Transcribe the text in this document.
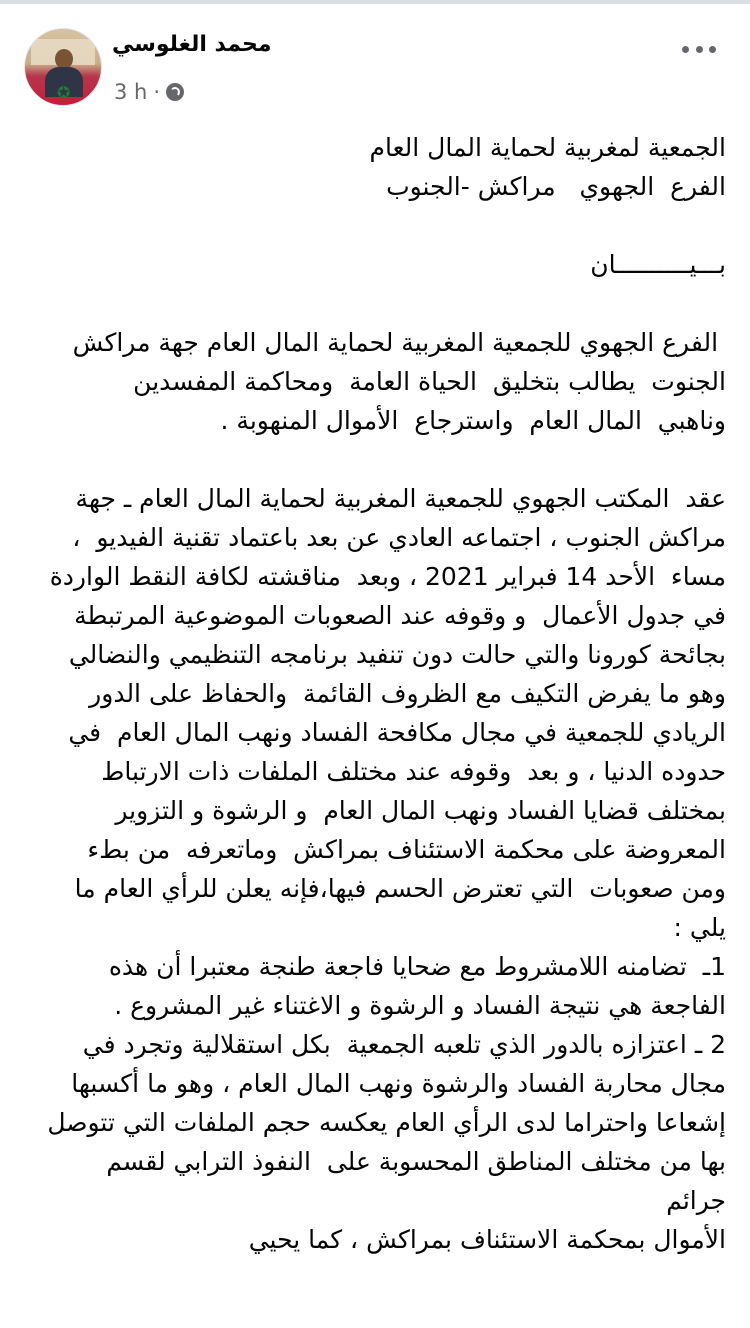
✪
محمد الغلوسي
3 h ·

الجمعية لمغربية لحماية المال العام

الفرع  الجهوي   مراكش -الجنوب

بـــيــــــــــان

الفرع الجهوي للجمعية المغربية لحماية المال العام جهة مراكش

الجنوت  يطالب بتخليق  الحياة العامة  ومحاكمة المفسدين

وناهبي  المال العام  واسترجاع  الأموال المنهوبة .

عقد  المكتب الجهوي للجمعية المغربية لحماية المال العام ـ جهة

مراكش الجنوب ، اجتماعه العادي عن بعد باعتماد تقنية الفيديو  ،

مساء  الأحد 14 فبراير 2021 ، وبعد  مناقشته لكافة النقط الواردة

في جدول الأعمال  و وقوفه عند الصعوبات الموضوعية المرتبطة

بجائحة كورونا والتي حالت دون تنفيد برنامجه التنظيمي والنضالي

وهو ما يفرض التكيف مع الظروف القائمة  والحفاظ على الدور

الريادي للجمعية في مجال مكافحة الفساد ونهب المال العام  في

حدوده الدنيا ، و بعد  وقوفه عند مختلف الملفات ذات الارتباط

بمختلف قضايا الفساد ونهب المال العام  و الرشوة و التزوير

المعروضة على محكمة الاستئناف بمراكش  وماتعرفه  من بطء

ومن صعوبات  التي تعترض الحسم فيها،فإنه يعلن للرأي العام ما

يلي :

1ـ  تضامنه اللامشروط مع ضحايا فاجعة طنجة معتبرا أن هذه

الفاجعة هي نتيجة الفساد و الرشوة و الاغتناء غير المشروع .

2 ـ اعتزازه بالدور الذي تلعبه الجمعية  بكل استقلالية وتجرد في

مجال محاربة الفساد والرشوة ونهب المال العام ، وهو ما أكسبها

إشعاعا واحتراما لدى الرأي العام يعكسه حجم الملفات التي تتوصل

بها من مختلف المناطق المحسوبة على  النفوذ الترابي لقسم جرائم

الأموال بمحكمة الاستئناف بمراكش ، كما يحيي
